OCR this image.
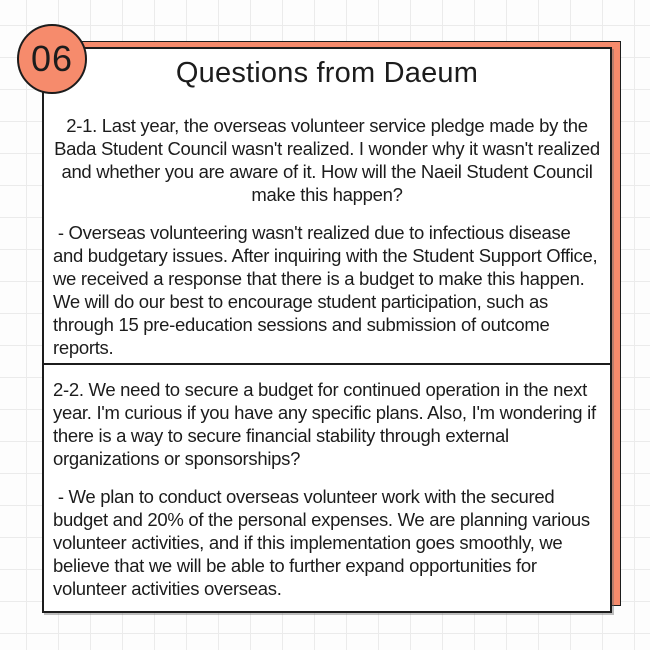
Questions from Daeum
2-1. Last year, the overseas volunteer service pledge made by the Bada Student Council wasn't realized. I wonder why it wasn't realized and whether you are aware of it. How will the Naeil Student Council make this happen?
- Overseas volunteering wasn't realized due to infectious disease and budgetary issues. After inquiring with the Student Support Office, we received a response that there is a budget to make this happen. We will do our best to encourage student participation, such as through 15 pre-education sessions and submission of outcome reports.
2-2. We need to secure a budget for continued operation in the next year. I'm curious if you have any specific plans. Also, I'm wondering if there is a way to secure financial stability through external organizations or sponsorships?
- We plan to conduct overseas volunteer work with the secured budget and 20% of the personal expenses. We are planning various volunteer activities, and if this implementation goes smoothly, we believe that we will be able to further expand opportunities for volunteer activities overseas.
06
